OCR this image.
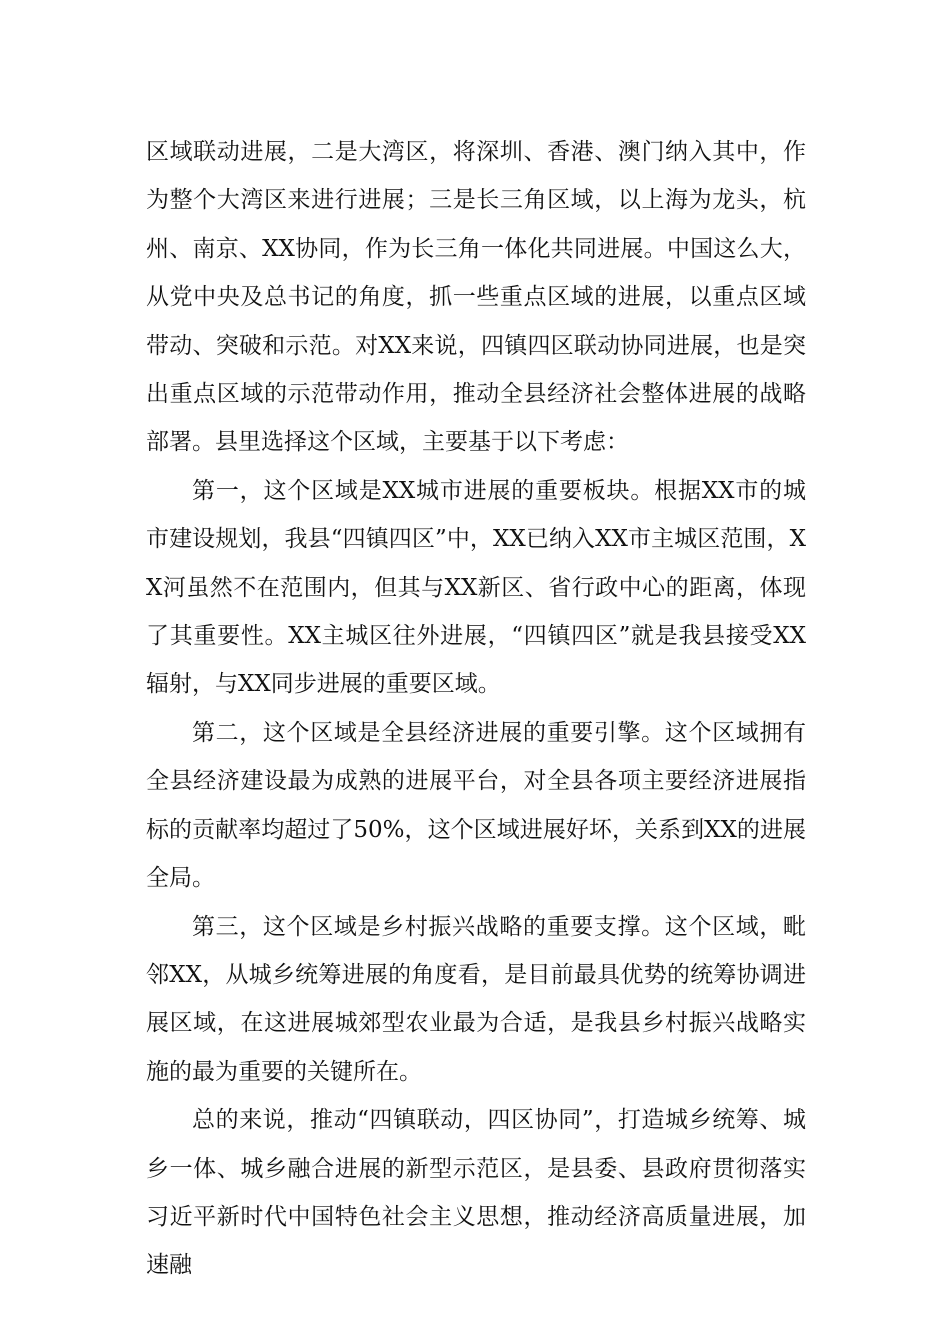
区域联动进展，二是大湾区，将深圳、香港、澳门纳入其中，作为整个大湾区来进行进展；三是长三角区域，以上海为龙头，杭州、南京、XX协同，作为长三角一体化共同进展。中国这么大，从党中央及总书记的角度，抓一些重点区域的进展，以重点区域带动、突破和示范。对XX来说，四镇四区联动协同进展，也是突出重点区域的示范带动作用，推动全县经济社会整体进展的战略部署。县里选择这个区域，主要基于以下考虑：

第一，这个区域是XX城市进展的重要板块。根据XX市的城市建设规划，我县“四镇四区”中，XX已纳入XX市主城区范围，XX河虽然不在范围内，但其与XX新区、省行政中心的距离，体现了其重要性。XX主城区往外进展，“四镇四区”就是我县接受XX辐射，与XX同步进展的重要区域。

第二，这个区域是全县经济进展的重要引擎。这个区域拥有全县经济建设最为成熟的进展平台，对全县各项主要经济进展指标的贡献率均超过了50%，这个区域进展好坏，关系到XX的进展全局。

第三，这个区域是乡村振兴战略的重要支撑。这个区域，毗邻XX，从城乡统筹进展的角度看，是目前最具优势的统筹协调进展区域，在这进展城郊型农业最为合适，是我县乡村振兴战略实施的最为重要的关键所在。

总的来说，推动“四镇联动，四区协同”，打造城乡统筹、城乡一体、城乡融合进展的新型示范区，是县委、县政府贯彻落实习近平新时代中国特色社会主义思想，推动经济高质量进展，加速融
